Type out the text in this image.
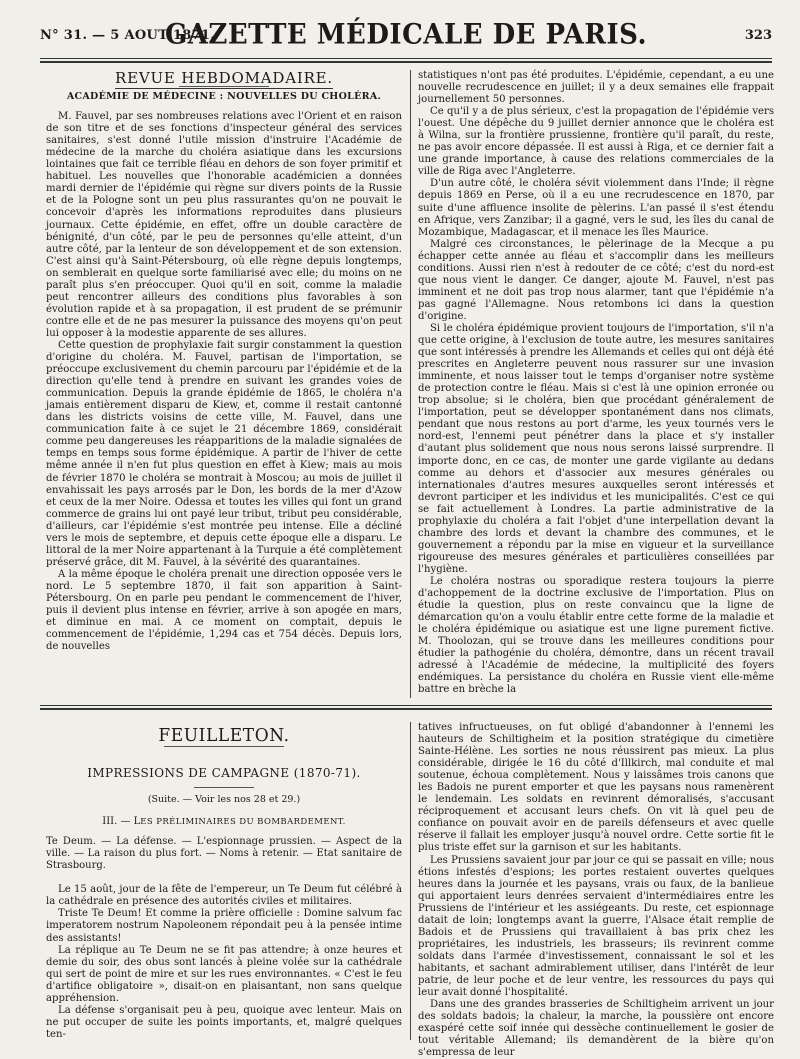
N° 31. — 5 AOUT 1871.
GAZETTE MÉDICALE DE PARIS.	323
REVUE HEBDOMADAIRE.
ACADÉMIE DE MÉDECINE : NOUVELLES DU CHOLÉRA.

M. Fauvel, par ses nombreuses relations avec l'Orient et en raison de son titre et de ses fonctions d'inspecteur général des services sanitaires, s'est donné l'utile mission d'instruire l'Académie de médecine de la marche du choléra asiatique dans les excursions lointaines que fait ce terrible fléau en dehors de son foyer primitif et habituel. Les nouvelles que l'honorable académicien a données mardi dernier de l'épidémie qui règne sur divers points de la Russie et de la Pologne sont un peu plus rassurantes qu'on ne pouvait le concevoir d'après les informations reproduites dans plusieurs journaux. Cette épidémie, en effet, offre un double caractère de bénignité, d'un côté, par le peu de personnes qu'elle atteint, d'un autre côté, par la lenteur de son développement et de son extension. C'est ainsi qu'à Saint-Pétersbourg, où elle règne depuis longtemps, on semblerait en quelque sorte familiarisé avec elle; du moins on ne paraît plus s'en préoccuper. Quoi qu'il en soit, comme la maladie peut rencontrer ailleurs des conditions plus favorables à son évolution rapide et à sa propagation, il est prudent de se prémunir contre elle et de ne pas mesurer la puissance des moyens qu'on peut lui opposer à la modestie apparente de ses allures.

Cette question de prophylaxie fait surgir constamment la question d'origine du choléra. M. Fauvel, partisan de l'importation, se préoccupe exclusivement du chemin parcouru par l'épidémie et de la direction qu'elle tend à prendre en suivant les grandes voies de communication. Depuis la grande épidémie de 1865, le choléra n'a jamais entièrement disparu de Kiew, et, comme il restait cantonné dans les districts voisins de cette ville, M. Fauvel, dans une communication faite à ce sujet le 21 décembre 1869, considérait comme peu dangereuses les réapparitions de la maladie signalées de temps en temps sous forme épidémique. A partir de l'hiver de cette même année il n'en fut plus question en effet à Kiew; mais au mois de février 1870 le choléra se montrait à Moscou; au mois de juillet il envahissait les pays arrosés par le Don, les bords de la mer d'Azow et ceux de la mer Noire. Odessa et toutes les villes qui font un grand commerce de grains lui ont payé leur tribut, tribut peu considérable, d'ailleurs, car l'épidémie s'est montrée peu intense. Elle a décliné vers le mois de septembre, et depuis cette époque elle a disparu. Le littoral de la mer Noire appartenant à la Turquie a été complètement préservé grâce, dit M. Fauvel, à la sévérité des quarantaines.

A la même époque le choléra prenait une direction opposée vers le nord. Le 5 septembre 1870, il fait son apparition à Saint-Pétersbourg. On en parle peu pendant le commencement de l'hiver, puis il devient plus intense en février, arrive à son apogée en mars, et diminue en mai. A ce moment on comptait, depuis le commencement de l'épidémie, 1,294 cas et 754 décès. Depuis lors, de nouvelles

statistiques n'ont pas été produites. L'épidémie, cependant, a eu une nouvelle recrudescence en juillet; il y a deux semaines elle frappait journellement 50 personnes.

Ce qu'il y a de plus sérieux, c'est la propagation de l'épidémie vers l'ouest. Une dépêche du 9 juillet dernier annonce que le choléra est à Wilna, sur la frontière prussienne, frontière qu'il paraît, du reste, ne pas avoir encore dépassée. Il est aussi à Riga, et ce dernier fait a une grande importance, à cause des relations commerciales de la ville de Riga avec l'Angleterre.

D'un autre côté, le choléra sévit violemment dans l'Inde; il règne depuis 1869 en Perse, où il a eu une recrudescence en 1870, par suite d'une affluence insolite de pèlerins. L'an passé il s'est étendu en Afrique, vers Zanzibar; il a gagné, vers le sud, les îles du canal de Mozambique, Madagascar, et il menace les îles Maurice.

Malgré ces circonstances, le pèlerinage de la Mecque a pu échapper cette année au fléau et s'accomplir dans les meilleurs conditions. Aussi rien n'est à redouter de ce côté; c'est du nord-est que nous vient le danger. Ce danger, ajoute M. Fauvel, n'est pas imminent et ne doit pas trop nous alarmer, tant que l'épidémie n'a pas gagné l'Allemagne. Nous retombons ici dans la question d'origine.

Si le choléra épidémique provient toujours de l'importation, s'il n'a que cette origine, à l'exclusion de toute autre, les mesures sanitaires que sont intéressés à prendre les Allemands et celles qui ont déjà été prescrites en Angleterre peuvent nous rassurer sur une invasion imminente, et nous laisser tout le temps d'organiser notre système de protection contre le fléau. Mais si c'est là une opinion erronée ou trop absolue; si le choléra, bien que procédant généralement de l'importation, peut se développer spontanément dans nos climats, pendant que nous restons au port d'arme, les yeux tournés vers le nord-est, l'ennemi peut pénétrer dans la place et s'y installer d'autant plus solidement que nous nous serons laissé surprendre. Il importe donc, en ce cas, de monter une garde vigilante au dedans comme au dehors et d'associer aux mesures générales ou internationales d'autres mesures auxquelles seront intéressés et devront participer et les individus et les municipalités. C'est ce qui se fait actuellement à Londres. La partie administrative de la prophylaxie du choléra a fait l'objet d'une interpellation devant la chambre des lords et devant la chambre des communes, et le gouvernement a répondu par la mise en vigueur et la surveillance rigoureuse des mesures générales et particulières conseillées par l'hygiène.

Le choléra nostras ou sporadique restera toujours la pierre d'achoppement de la doctrine exclusive de l'importation. Plus on étudie la question, plus on reste convaincu que la ligne de démarcation qu'on a voulu établir entre cette forme de la maladie et le choléra épidémique ou asiatique est une ligne purement fictive. M. Thoolozan, qui se trouve dans les meilleures conditions pour étudier la pathogénie du choléra, démontre, dans un récent travail adressé à l'Académie de médecine, la multiplicité des foyers endémiques. La persistance du choléra en Russie vient elle-même battre en brèche la

FEUILLETON.
IMPRESSIONS DE CAMPAGNE (1870-71).
(Suite. — Voir les nos 28 et 29.)
III. — LES PRÉLIMINAIRES DU BOMBARDEMENT.

Te Deum. — La défense. — L'espionnage prussien. — Aspect de la ville. — La raison du plus fort. — Noms à retenir. — Etat sanitaire de Strasbourg.

Le 15 août, jour de la fête de l'empereur, un Te Deum fut célébré à la cathédrale en présence des autorités civiles et militaires.

Triste Te Deum! Et comme la prière officielle : Domine salvum fac imperatorem nostrum Napoleonem répondait peu à la pensée intime des assistants!

La réplique au Te Deum ne se fit pas attendre; à onze heures et demie du soir, des obus sont lancés à pleine volée sur la cathédrale qui sert de point de mire et sur les rues environnantes. « C'est le feu d'artifice obligatoire », disait-on en plaisantant, non sans quelque appréhension.

La défense s'organisait peu à peu, quoique avec lenteur. Mais on ne put occuper de suite les points importants, et, malgré quelques ten-

tatives infructueuses, on fut obligé d'abandonner à l'ennemi les hauteurs de Schiltigheim et la position stratégique du cimetière Sainte-Hélène. Les sorties ne nous réussirent pas mieux. La plus considérable, dirigée le 16 du côté d'Illkirch, mal conduite et mal soutenue, échoua complètement. Nous y laissâmes trois canons que les Badois ne purent emporter et que les paysans nous ramenèrent le lendemain. Les soldats en revinrent démoralisés, s'accusant réciproquement et accusant leurs chefs. On vit là quel peu de confiance on pouvait avoir en de pareils défenseurs et avec quelle réserve il fallait les employer jusqu'à nouvel ordre. Cette sortie fit le plus triste effet sur la garnison et sur les habitants.

Les Prussiens savaient jour par jour ce qui se passait en ville; nous étions infestés d'espions; les portes restaient ouvertes quelques heures dans la journée et les paysans, vrais ou faux, de la banlieue qui apportaient leurs denrées servaient d'intermédiaires entre les Prussiens de l'intérieur et les assiégeants. Du reste, cet espionnage datait de loin; longtemps avant la guerre, l'Alsace était remplie de Badois et de Prussiens qui travaillaient à bas prix chez les propriétaires, les industriels, les brasseurs; ils revinrent comme soldats dans l'armée d'investissement, connaissant le sol et les habitants, et sachant admirablement utiliser, dans l'intérêt de leur patrie, de leur poche et de leur ventre, les ressources du pays qui leur avait donné l'hospitalité.

Dans une des grandes brasseries de Schiltigheim arrivent un jour des soldats badois; la chaleur, la marche, la poussière ont encore exaspéré cette soif innée qui dessèche continuellement le gosier de tout véritable Allemand; ils demandèrent de la bière qu'on s'empressa de leur
